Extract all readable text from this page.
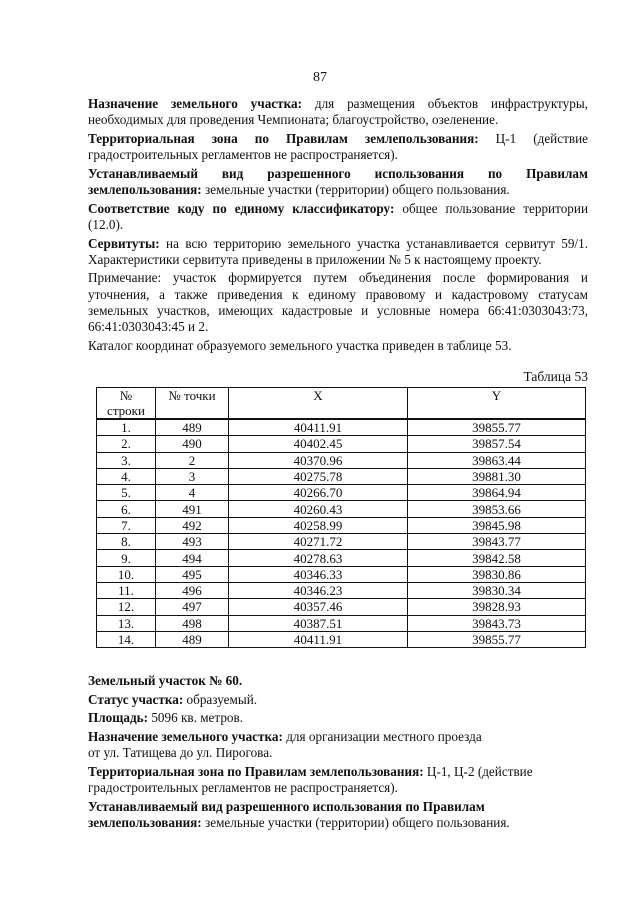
87

Назначение земельного участка: для размещения объектов инфраструктуры, необходимых для проведения Чемпионата; благоустройство, озеленение.

Территориальная зона по Правилам землепользования: Ц-1 (действие градостроительных регламентов не распространяется).

Устанавливаемый вид разрешенного использования по Правилам землепользования: земельные участки (территории) общего пользования.

Соответствие коду по единому классификатору: общее пользование территории (12.0).

Сервитуты: на всю территорию земельного участка устанавливается сервитут 59/1. Характеристики сервитута приведены в приложении № 5 к настоящему проекту.

Примечание: участок формируется путем объединения после формирования и уточнения, а также приведения к единому правовому и кадастровому статусам земельных участков, имеющих кадастровые и условные номера 66:41:0303043:73, 66:41:0303043:45 и 2.

Каталог координат образуемого земельного участка приведен в таблице 53.

Таблица 53
№
строки	№ точки	X	Y
1.	489	40411.91	39855.77
2.	490	40402.45	39857.54
3.	2	40370.96	39863.44
4.	3	40275.78	39881.30
5.	4	40266.70	39864.94
6.	491	40260.43	39853.66
7.	492	40258.99	39845.98
8.	493	40271.72	39843.77
9.	494	40278.63	39842.58
10.	495	40346.33	39830.86
11.	496	40346.23	39830.34
12.	497	40357.46	39828.93
13.	498	40387.51	39843.73
14.	489	40411.91	39855.77

Земельный участок № 60.

Статус участка: образуемый.

Площадь: 5096 кв. метров.

Назначение земельного участка: для организации местного проезда
от ул. Татищева до ул. Пирогова.

Территориальная зона по Правилам землепользования: Ц-1, Ц-2 (действие
градостроительных регламентов не распространяется).

Устанавливаемый вид разрешенного использования по Правилам
землепользования: земельные участки (территории) общего пользования.
